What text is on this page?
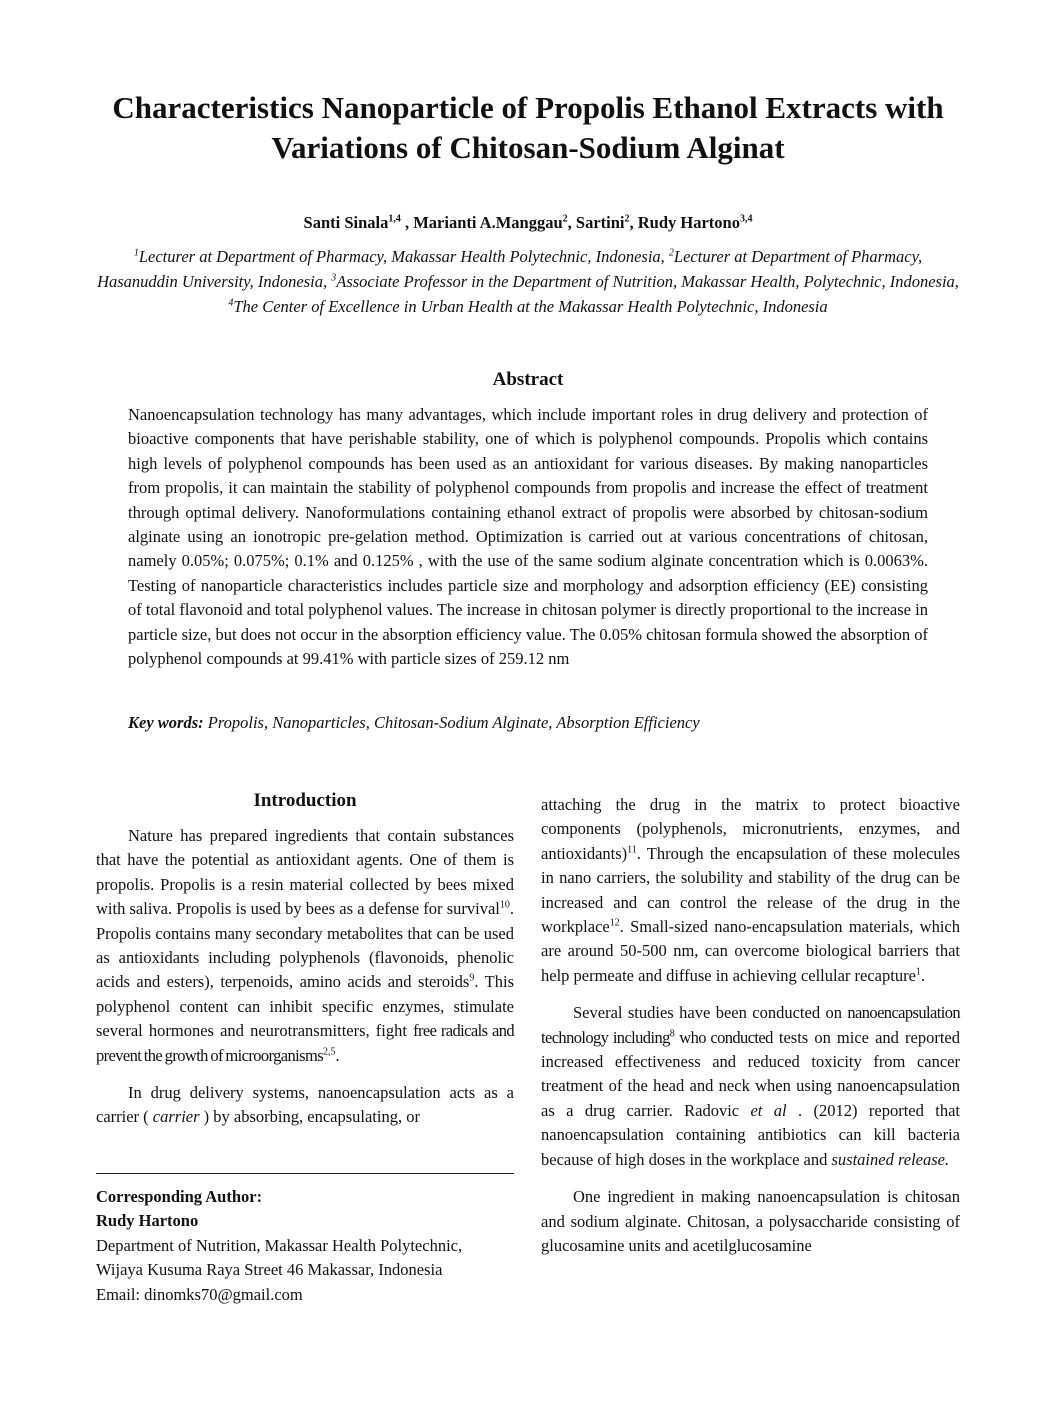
Characteristics Nanoparticle of Propolis Ethanol Extracts with
Variations of Chitosan-Sodium Alginat
Santi Sinala$^{1,4}$ , Marianti A.Manggau$^2$, Sartini$^2$, Rudy Hartono$^{3,4}$
$^1$Lecturer at Department of Pharmacy, Makassar Health Polytechnic, Indonesia, $^2$Lecturer at Department of Pharmacy, Hasanuddin University, Indonesia, $^3$Associate Professor in the Department of Nutrition, Makassar Health, Polytechnic, Indonesia, $^4$The Center of Excellence in Urban Health at the Makassar Health Polytechnic, Indonesia
Abstract

Nanoencapsulation technology has many advantages, which include important roles in drug delivery and protection of bioactive components that have perishable stability, one of which is polyphenol compounds. Propolis which contains high levels of polyphenol compounds has been used as an antioxidant for various diseases. By making nanoparticles from propolis, it can maintain the stability of polyphenol compounds from propolis and increase the effect of treatment through optimal delivery. Nanoformulations containing ethanol extract of propolis were absorbed by chitosan-sodium alginate using an ionotropic pre-gelation method. Optimization is carried out at various concentrations of chitosan, namely 0.05%; 0.075%; 0.1% and 0.125% , with the use of the same sodium alginate concentration which is 0.0063%. Testing of nanoparticle characteristics includes particle size and morphology and adsorption efficiency (EE) consisting of total flavonoid and total polyphenol values. The increase in chitosan polymer is directly proportional to the increase in particle size, but does not occur in the absorption efficiency value. The 0.05% chitosan formula showed the absorption of polyphenol compounds at 99.41% with particle sizes of 259.12 nm

Key words: Propolis, Nanoparticles, Chitosan-Sodium Alginate, Absorption Efficiency

Introduction

Nature has prepared ingredients that contain substances that have the potential as antioxidant agents. One of them is propolis. Propolis is a resin material collected by bees mixed with saliva. Propolis is used by bees as a defense for survival$^{10}$. Propolis contains many secondary metabolites that can be used as antioxidants including polyphenols (flavonoids, phenolic acids and esters), terpenoids, amino acids and steroids$^9$. This polyphenol content can inhibit specific enzymes, stimulate several hormones and neurotransmitters, fight free radicals and prevent the growth of microorganisms$^{2,5}$.

In drug delivery systems, nanoencapsulation acts as a carrier ( carrier ) by absorbing, encapsulating, or

Corresponding Author:
Rudy Hartono
Department of Nutrition, Makassar Health Polytechnic,
Wijaya Kusuma Raya Street 46 Makassar, Indonesia
Email: dinomks70@gmail.com

attaching the drug in the matrix to protect bioactive components (polyphenols, micronutrients, enzymes, and antioxidants)$^{11}$. Through the encapsulation of these molecules in nano carriers, the solubility and stability of the drug can be increased and can control the release of the drug in the workplace$^{12}$. Small-sized nano-encapsulation materials, which are around 50-500 nm, can overcome biological barriers that help permeate and diffuse in achieving cellular recapture$^1$.

Several studies have been conducted on nanoencapsulation technology including$^8$ who conducted tests on mice and reported increased effectiveness and reduced toxicity from cancer treatment of the head and neck when using nanoencapsulation as a drug carrier. Radovic et al . (2012) reported that nanoencapsulation containing antibiotics can kill bacteria because of high doses in the workplace and sustained release.

One ingredient in making nanoencapsulation is chitosan and sodium alginate. Chitosan, a polysaccharide consisting of glucosamine units and acetilglucosamine
